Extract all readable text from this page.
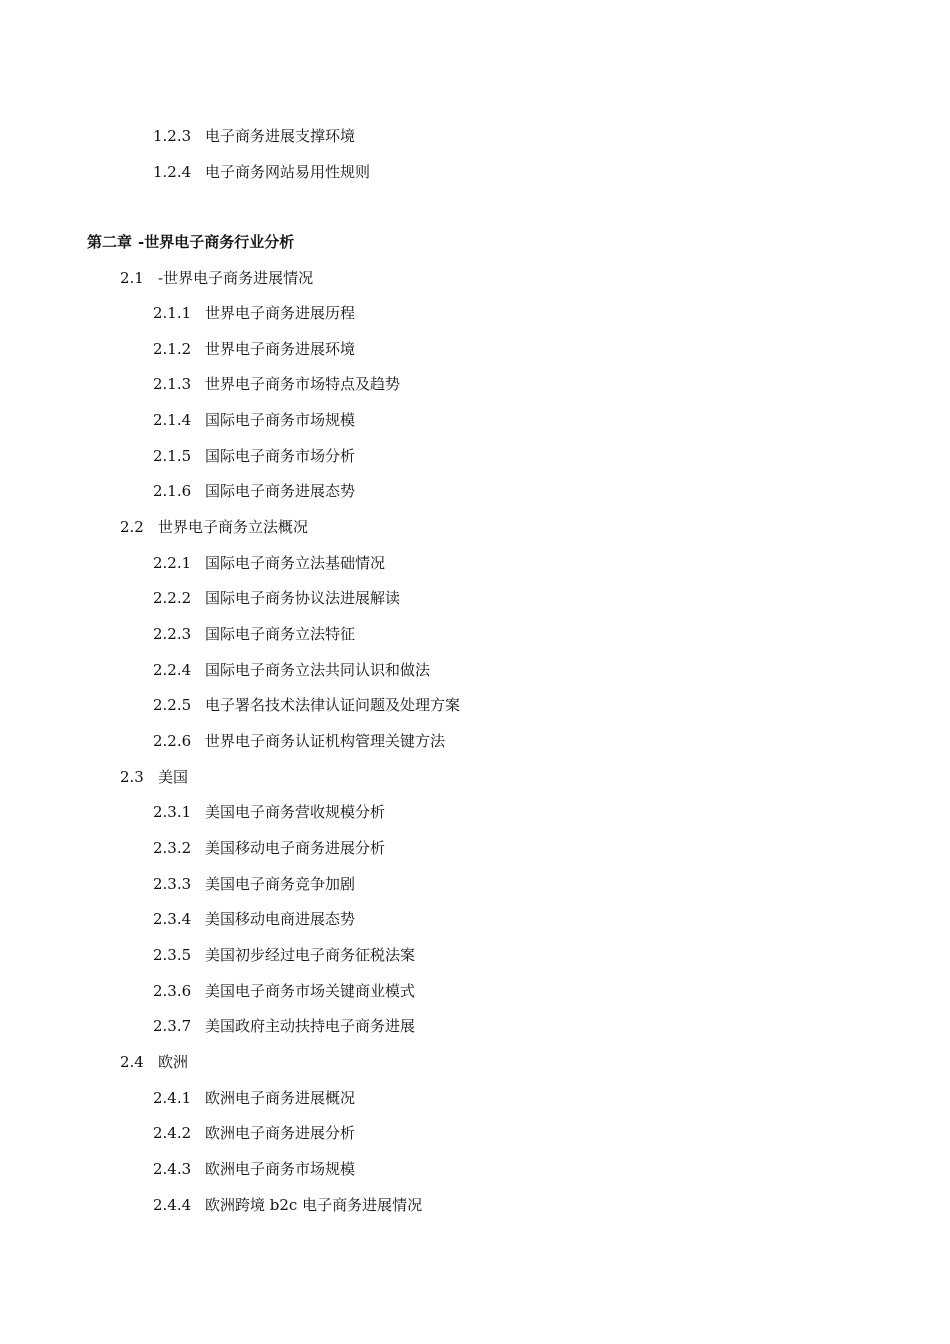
1.2.3 电子商务进展支撑环境
1.2.4 电子商务网站易用性规则
第二章 -世界电子商务行业分析
2.1 -世界电子商务进展情况
2.1.1 世界电子商务进展历程
2.1.2 世界电子商务进展环境
2.1.3 世界电子商务市场特点及趋势
2.1.4 国际电子商务市场规模
2.1.5 国际电子商务市场分析
2.1.6 国际电子商务进展态势
2.2 世界电子商务立法概况
2.2.1 国际电子商务立法基础情况
2.2.2 国际电子商务协议法进展解读
2.2.3 国际电子商务立法特征
2.2.4 国际电子商务立法共同认识和做法
2.2.5 电子署名技术法律认证问题及处理方案
2.2.6 世界电子商务认证机构管理关键方法
2.3 美国
2.3.1 美国电子商务营收规模分析
2.3.2 美国移动电子商务进展分析
2.3.3 美国电子商务竞争加剧
2.3.4 美国移动电商进展态势
2.3.5 美国初步经过电子商务征税法案
2.3.6 美国电子商务市场关键商业模式
2.3.7 美国政府主动扶持电子商务进展
2.4 欧洲
2.4.1 欧洲电子商务进展概况
2.4.2 欧洲电子商务进展分析
2.4.3 欧洲电子商务市场规模
2.4.4 欧洲跨境 b2c 电子商务进展情况
